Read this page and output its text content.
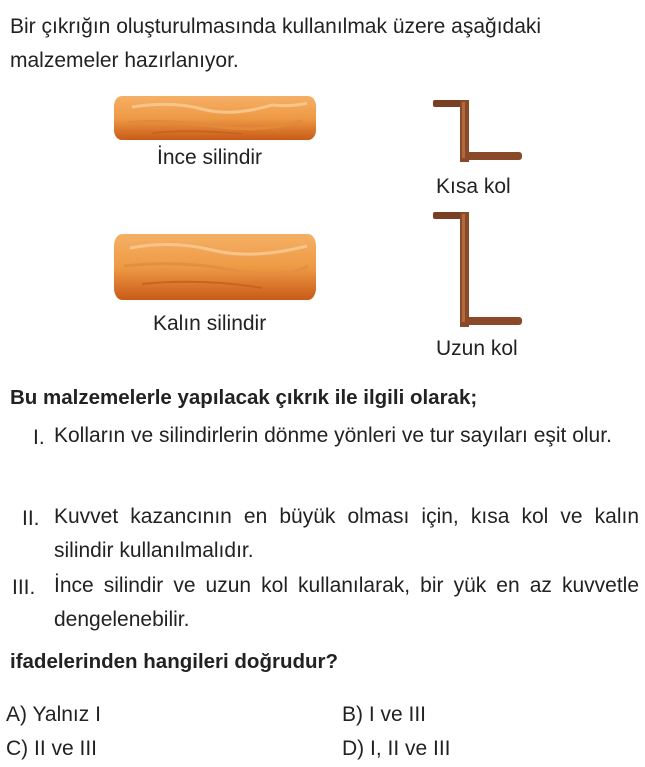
Bir çıkrığın oluşturulmasında kullanılmak üzere aşağıdaki malzemeler hazırlanıyor.
İnce silindir
Kısa kol
Kalın silindir
Uzun kol
Bu malzemelerle yapılacak çıkrık ile ilgili olarak;
I. Kolların ve silindirlerin dönme yönleri ve tur sayıları eşit olur.
II. Kuvvet kazancının en büyük olması için, kısa kol ve kalın silindir kullanılmalıdır.
III. İnce silindir ve uzun kol kullanılarak, bir yük en az kuvvetle dengelenebilir.
ifadelerinden hangileri doğrudur?
A) Yalnız I	B) I ve III
C) II ve III	D) I, II ve III
